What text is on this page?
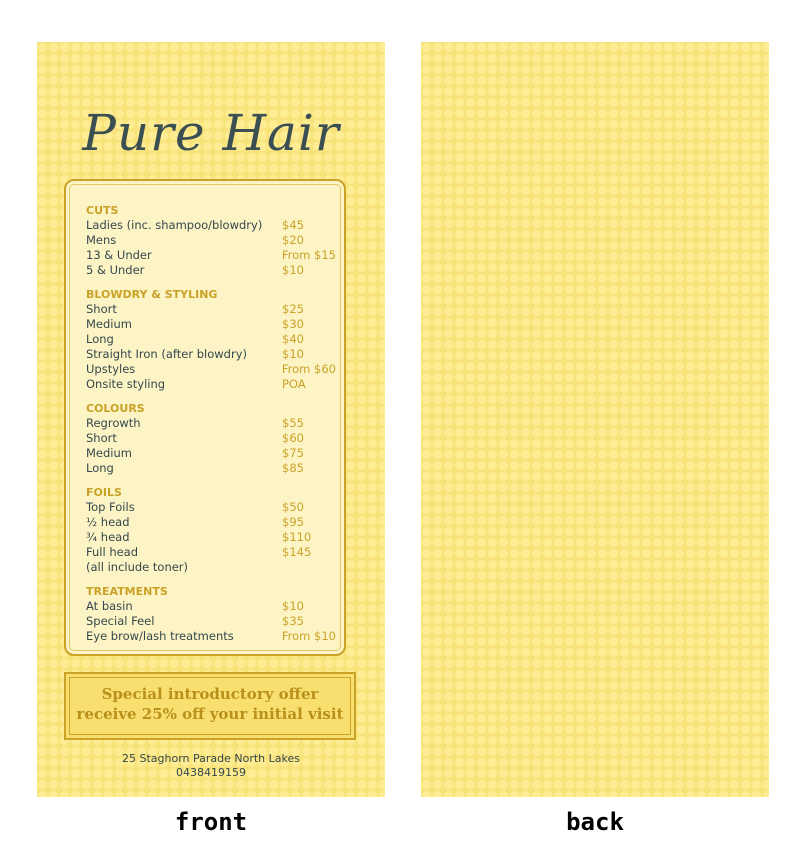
Pure Hair
CUTS
Ladies (inc. shampoo/blowdry)	$45
Mens	$20
13 & Under	From $15
5 & Under	$10
BLOWDRY & STYLING
Short	$25
Medium	$30
Long	$40
Straight Iron (after blowdry)	$10
Upstyles	From $60
Onsite styling	POA
COLOURS
Regrowth	$55
Short	$60
Medium	$75
Long	$85
FOILS
Top Foils	$50
½ head	$95
¾ head	$110
Full head	$145
(all include toner)
TREATMENTS
At basin	$10
Special Feel	$35
Eye brow/lash treatments	From $10
Special introductory offer
receive 25% off your initial visit
25 Staghorn Parade North Lakes
0438419159
front	back
